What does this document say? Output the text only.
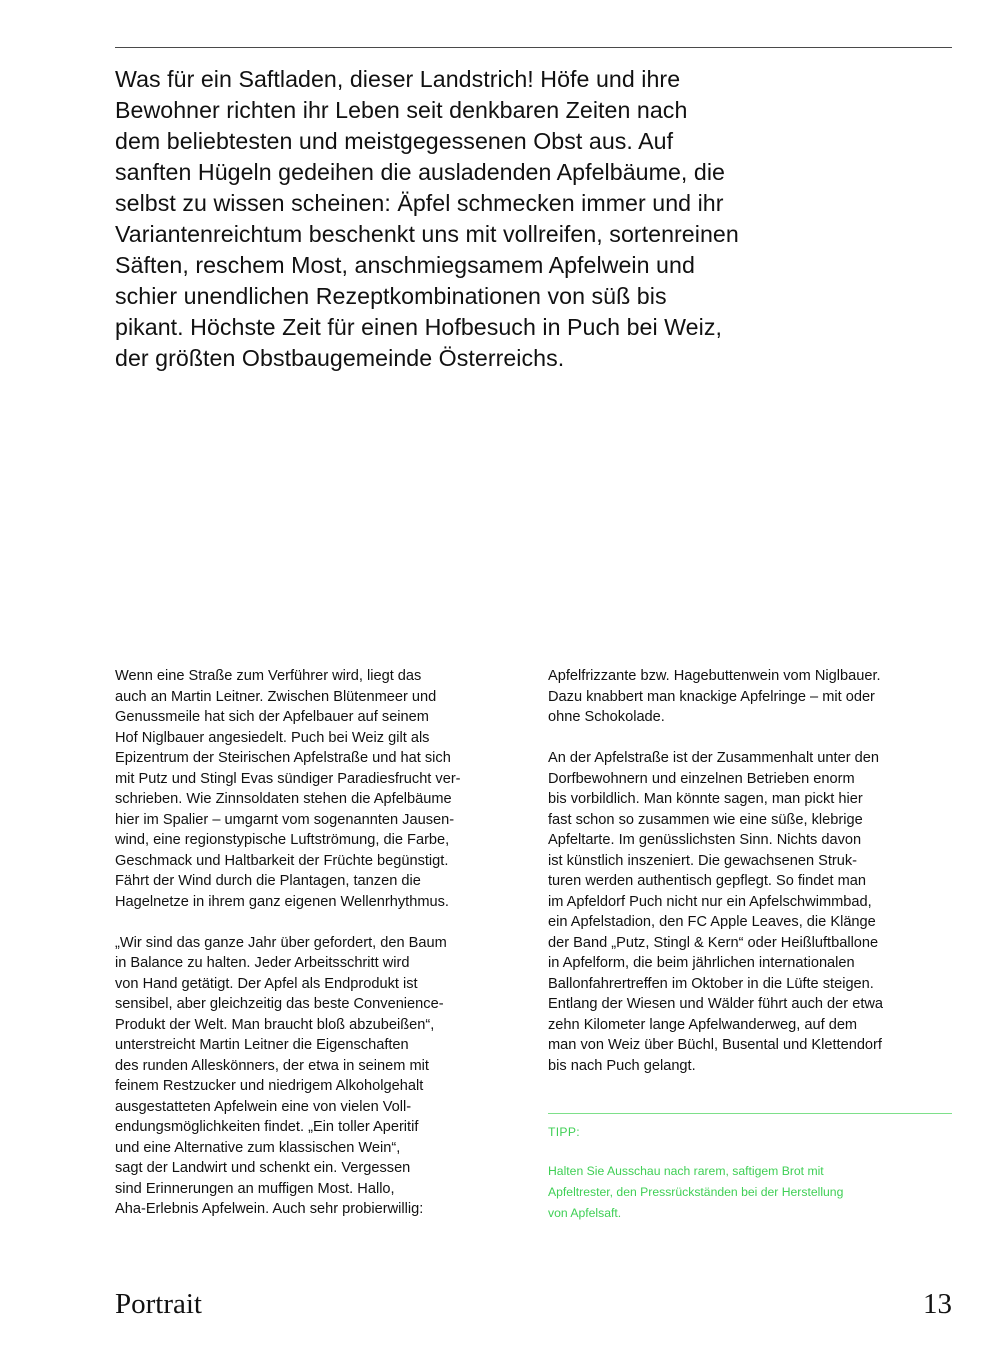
Was für ein Saftladen, dieser Landstrich! Höfe und ihre
Bewohner richten ihr Leben seit denkbaren Zeiten nach
dem beliebtesten und meistgegessenen Obst aus. Auf
sanften Hügeln gedeihen die ausladenden Apfelbäume, die
selbst zu wissen scheinen: Äpfel schmecken immer und ihr
Variantenreichtum beschenkt uns mit vollreifen, sortenreinen
Säften, reschem Most, anschmiegsamem Apfelwein und
schier unendlichen Rezeptkombinationen von süß bis
pikant. Höchste Zeit für einen Hofbesuch in Puch bei Weiz,
der größten Obstbaugemeinde Österreichs.
Wenn eine Straße zum Verführer wird, liegt das
auch an Martin Leitner. Zwischen Blütenmeer und
Genussmeile hat sich der Apfelbauer auf seinem
Hof Niglbauer angesiedelt. Puch bei Weiz gilt als
Epizentrum der Steirischen Apfelstraße und hat sich
mit Putz und Stingl Evas sündiger Paradiesfrucht ver-
schrieben. Wie Zinnsoldaten stehen die Apfelbäume
hier im Spalier – umgarnt vom sogenannten Jausen-
wind, eine regionstypische Luftströmung, die Farbe,
Geschmack und Haltbarkeit der Früchte begünstigt.
Fährt der Wind durch die Plantagen, tanzen die
Hagelnetze in ihrem ganz eigenen Wellenrhythmus.
„Wir sind das ganze Jahr über gefordert, den Baum
in Balance zu halten. Jeder Arbeitsschritt wird
von Hand getätigt. Der Apfel als Endprodukt ist
sensibel, aber gleichzeitig das beste Convenience-
Produkt der Welt. Man braucht bloß abzubeißen“,
unterstreicht Martin Leitner die Eigenschaften
des runden Alleskönners, der etwa in seinem mit
feinem Restzucker und niedrigem Alkoholgehalt
ausgestatteten Apfelwein eine von vielen Voll-
endungsmöglichkeiten findet. „Ein toller Aperitif
und eine Alternative zum klassischen Wein“,
sagt der Landwirt und schenkt ein. Vergessen
sind Erinnerungen an muffigen Most. Hallo,
Aha-Erlebnis Apfelwein. Auch sehr probierwillig:
Apfelfrizzante bzw. Hagebuttenwein vom Niglbauer.
Dazu knabbert man knackige Apfelringe – mit oder
ohne Schokolade.
An der Apfelstraße ist der Zusammenhalt unter den
Dorfbewohnern und einzelnen Betrieben enorm
bis vorbildlich. Man könnte sagen, man pickt hier
fast schon so zusammen wie eine süße, klebrige
Apfeltarte. Im genüsslichsten Sinn. Nichts davon
ist künstlich inszeniert. Die gewachsenen Struk-
turen werden authentisch gepflegt. So findet man
im Apfeldorf Puch nicht nur ein Apfelschwimmbad,
ein Apfelstadion, den FC Apple Leaves, die Klänge
der Band „Putz, Stingl & Kern“ oder Heißluftballone
in Apfelform, die beim jährlichen internationalen
Ballonfahrertreffen im Oktober in die Lüfte steigen.
Entlang der Wiesen und Wälder führt auch der etwa
zehn Kilometer lange Apfelwanderweg, auf dem
man von Weiz über Büchl, Busental und Klettendorf
bis nach Puch gelangt.
TIPP:
Halten Sie Ausschau nach rarem, saftigem Brot mit
Apfeltrester, den Pressrückständen bei der Herstellung
von Apfelsaft.
Portrait	13
